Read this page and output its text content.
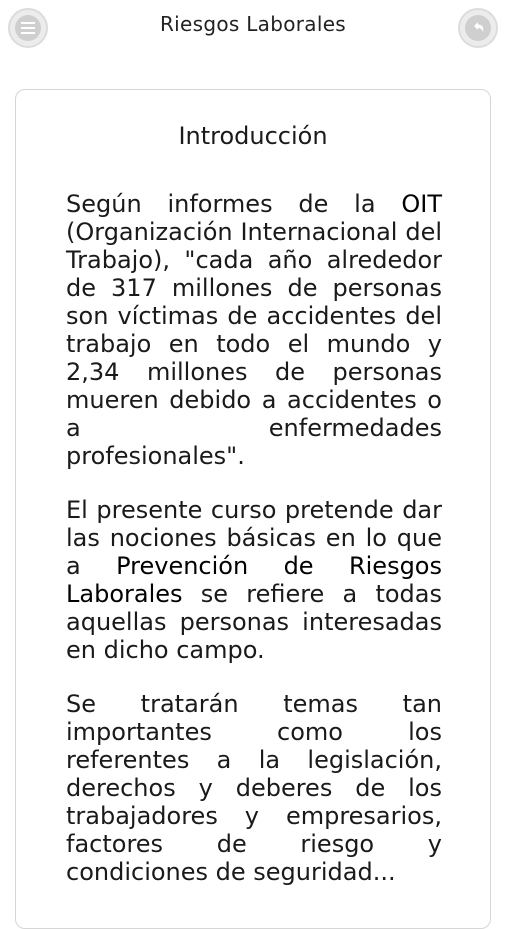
Riesgos Laborales
Introducción

Según informes de la OIT (Organización Internacional del Trabajo), "cada año alrededor de 317 millones de personas son víctimas de accidentes del trabajo en todo el mundo y 2,34 millones de personas mueren debido a accidentes o a enfermedades profesionales".

El presente curso pretende dar las nociones básicas en lo que a Prevención de Riesgos Laborales se refiere a todas aquellas personas interesadas en dicho campo.

Se tratarán temas tan importantes como los referentes a la legislación, derechos y deberes de los trabajadores y empresarios, factores de riesgo y condiciones de seguridad...
